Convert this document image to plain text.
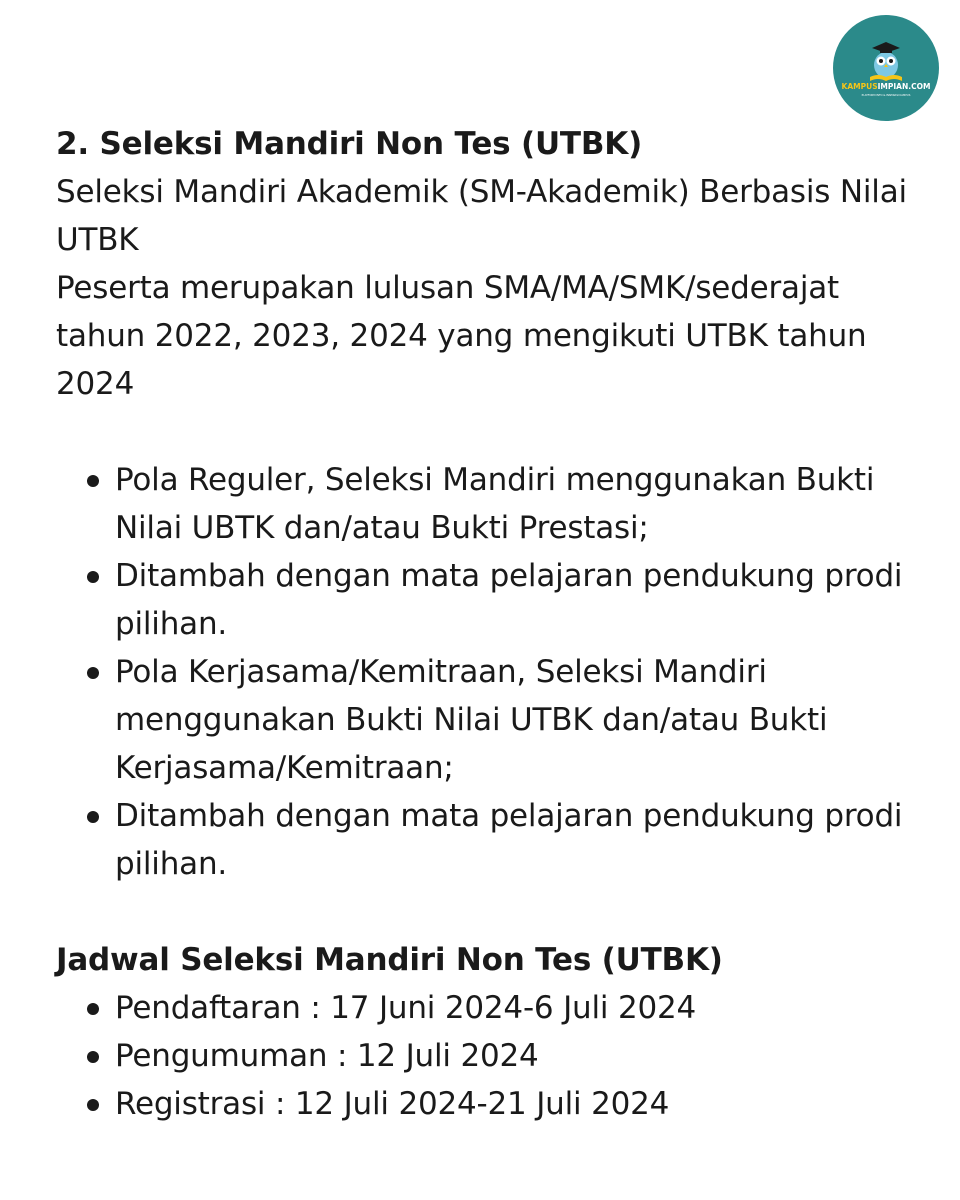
KAMPUSIMPIAN.COM
PLATFORM INFO & INSPIRASI KAMPUS

2. Seleksi Mandiri Non Tes (UTBK)

Seleksi Mandiri Akademik (SM-Akademik) Berbasis Nilai UTBK

Peserta merupakan lulusan SMA/MA/SMK/sederajat tahun 2022, 2023, 2024 yang mengikuti UTBK tahun 2024

Pola Reguler, Seleksi Mandiri menggunakan Bukti Nilai UBTK dan/atau Bukti Prestasi;
Ditambah dengan mata pelajaran pendukung prodi pilihan.
Pola Kerjasama/Kemitraan, Seleksi Mandiri menggunakan Bukti Nilai UTBK dan/atau Bukti Kerjasama/Kemitraan;
Ditambah dengan mata pelajaran pendukung prodi pilihan.

Jadwal Seleksi Mandiri Non Tes (UTBK)

Pendaftaran : 17 Juni 2024-6 Juli 2024
Pengumuman : 12 Juli 2024
Registrasi : 12 Juli 2024-21 Juli 2024
